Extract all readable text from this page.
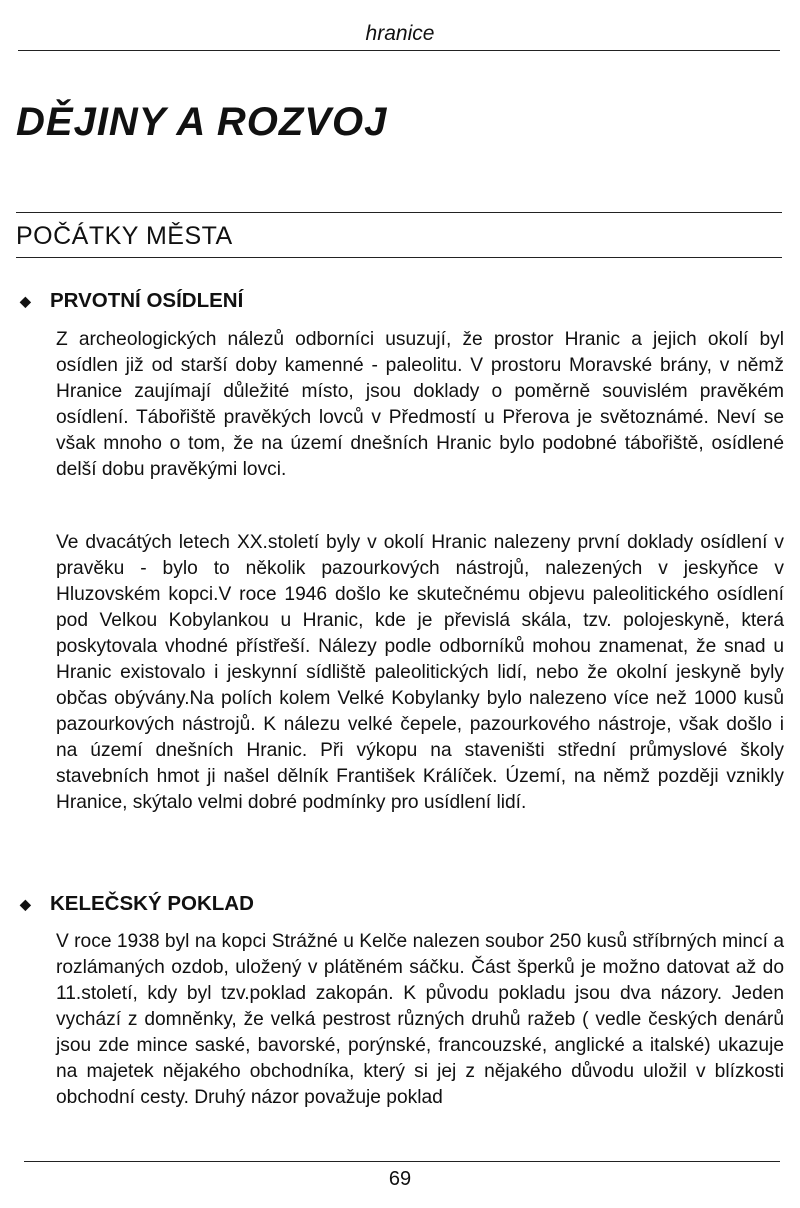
hranice
DĚJINY A ROZVOJ
POČÁTKY MĚSTA
◆ PRVOTNÍ OSÍDLENÍ

Z archeologických nálezů odborníci usuzují, že prostor Hranic a jejich okolí byl osídlen již od starší doby kamenné - paleolitu. V prostoru Moravské brány, v němž Hranice zaujímají důležité místo, jsou doklady o poměrně souvislém pravěkém osídlení. Tábořiště pravěkých lovců v Předmostí u Přerova je světoznámé. Neví se však mnoho o tom, že na území dnešních Hranic bylo podobné tábořiště, osídlené delší dobu pravěkými lovci.

Ve dvacátých letech XX.století byly v okolí Hranic nalezeny první doklady osídlení v pravěku - bylo to několik pazourkových nástrojů, nalezených v jeskyňce v Hluzovském kopci.V roce 1946 došlo ke skutečnému objevu paleolitického osídlení pod Velkou Kobylankou u Hranic, kde je převislá skála, tzv. polojeskyně, která poskytovala vhodné přístřeší. Nálezy podle odborníků mohou znamenat, že snad u Hranic existovalo i jeskynní sídliště paleolitických lidí, nebo že okolní jeskyně byly občas obývány.Na polích kolem Velké Kobylanky bylo nalezeno více než 1000 kusů pazourkových nástrojů. K nálezu velké čepele, pazourkového nástroje, však došlo i na území dnešních Hranic. Při výkopu na staveništi střední průmyslové školy stavebních hmot ji našel dělník František Králíček. Území, na němž později vznikly Hranice, skýtalo velmi dobré podmínky pro usídlení lidí.

◆ KELEČSKÝ POKLAD

V roce 1938 byl na kopci Strážné u Kelče nalezen soubor 250 kusů stříbrných mincí a rozlámaných ozdob, uložený v plátěném sáčku. Část šperků je možno datovat až do 11.století, kdy byl tzv.poklad zakopán. K původu pokladu jsou dva názory. Jeden vychází z domněnky, že velká pestrost různých druhů ražeb ( vedle českých denárů jsou zde mince saské, bavorské, porýnské, francouzské, anglické a italské) ukazuje na majetek nějakého obchodníka, který si jej z nějakého důvodu uložil v blízkosti obchodní cesty. Druhý názor považuje poklad

69
